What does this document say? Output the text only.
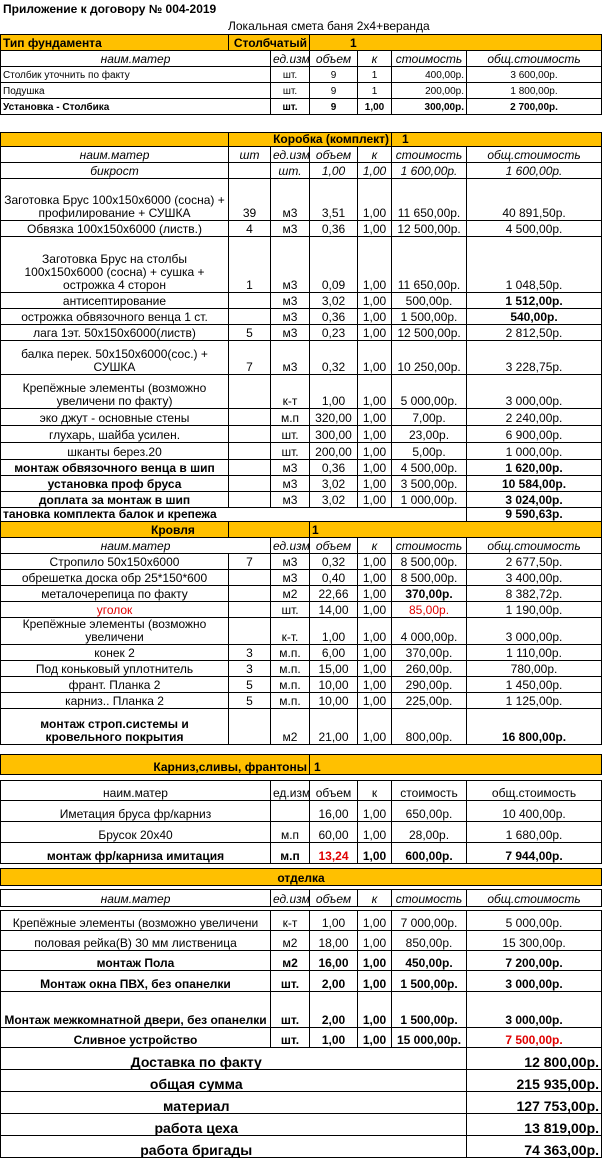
Приложение к договору № 004-2019
Локальная смета баня 2х4+веранда
Тип фундамента	Столбчатый		1			
наим.матер		ед.изм	объем	к	стоимость	общ.стоимость
Столбик уточнить по факту		шт.	9	1	400,00р.	3 600,00р.
Подушка		шт.	9	1	200,00р.	1 800,00р.
Установка - Столбика		шт.	9	1,00	300,00р.	2 700,00р.

	Коробка (комплект)				1	
наим.матер	шт	ед.изм	объем	к	стоимость	общ.стоимость
бикрост		шт.	1,00	1,00	1 600,00р.	1 600,00р.
Заготовка Брус 100х150х6000 (сосна) + профилирование + СУШКА	39	м3	3,51	1,00	11 650,00р.	40 891,50р.
Обвязка 100х150х6000 (листв.)	4	м3	0,36	1,00	12 500,00р.	4 500,00р.
Заготовка Брус на столбы 100х150х6000 (сосна) + сушка + острожка 4 сторон	1	м3	0,09	1,00	11 650,00р.	1 048,50р.
антисептирование		м3	3,02	1,00	500,00р.	1 512,00р.
острожка обвязочного венца 1 ст.		м3	0,36	1,00	1 500,00р.	540,00р.
лага 1эт. 50х150х6000(листв)	5	м3	0,23	1,00	12 500,00р.	2 812,50р.
балка перек. 50х150х6000(сос.) + СУШКА	7	м3	0,32	1,00	10 250,00р.	3 228,75р.
Крепёжные элементы (возможно увеличени по факту)		к-т	1,00	1,00	5 000,00р.	3 000,00р.
эко джут - основные стены		м.п	320,00	1,00	7,00р.	2 240,00р.
глухарь, шайба усилен.		шт.	300,00	1,00	23,00р.	6 900,00р.
шканты берез.20		шт.	200,00	1,00	5,00р.	1 000,00р.
монтаж обвязочного венца в шип		м3	0,36	1,00	4 500,00р.	1 620,00р.
установка проф бруса		м3	3,02	1,00	3 500,00р.	10 584,00р.
доплата за монтаж в шип		м3	3,02	1,00	1 000,00р.	3 024,00р.
тановка комплекта балок и крепежа						9 590,63р.
	Кровля		1			
наим.матер		ед.изм	объем	к	стоимость	общ.стоимость
Стропило 50х150х6000	7	м3	0,32	1,00	8 500,00р.	2 677,50р.
обрешетка доска обр 25*150*600		м3	0,40	1,00	8 500,00р.	3 400,00р.
металочерепица по факту		м2	22,66	1,00	370,00р.	8 382,72р.
уголок		шт.	14,00	1,00	85,00р.	1 190,00р.
Крепёжные элементы (возможно увеличени		к-т.	1,00	1,00	4 000,00р.	3 000,00р.
конек 2	3	м.п.	6,00	1,00	370,00р.	1 110,00р.
Под коньковый уплотнитель	3	м.п.	15,00	1,00	260,00р.	780,00р.
франт. Планка 2	5	м.п.	10,00	1,00	290,00р.	1 450,00р.
карниз.. Планка 2	5	м.п.	10,00	1,00	225,00р.	1 125,00р.
монтаж строп.системы и кровельного покрытия		м2	21,00	1,00	800,00р.	16 800,00р.

Карниз,сливы, франтоны			1			

наим.матер		ед.изм	объем	к	стоимость	общ.стоимость
Иметация бруса фр/карниз			16,00	1,00	650,00р.	10 400,00р.
Брусок 20х40		м.п	60,00	1,00	28,00р.	1 680,00р.
монтаж фр/карниза имитация		м.п	13,24	1,00	600,00р.	7 944,00р.

отделка						

наим.матер		ед.изм	объем	к	стоимость	общ.стоимость

Крепёжные элементы (возможно увеличени		к-т	1,00	1,00	7 000,00р.	5 000,00р.
половая рейка(В) 30 мм лиственица		м2	18,00	1,00	850,00р.	15 300,00р.
монтаж Пола		м2	16,00	1,00	450,00р.	7 200,00р.
Монтаж окна ПВХ, без опанелки		шт.	2,00	1,00	1 500,00р.	3 000,00р.
Монтаж межкомнатной двери, без опанелки		шт.	2,00	1,00	1 500,00р.	3 000,00р.
Сливное устройство		шт.	1,00	1,00	15 000,00р.	7 500,00р.
Доставка по факту						12 800,00р.
общая сумма						215 935,00р.
материал						127 753,00р.
работа цеха						13 819,00р.
работа бригады						74 363,00р.
